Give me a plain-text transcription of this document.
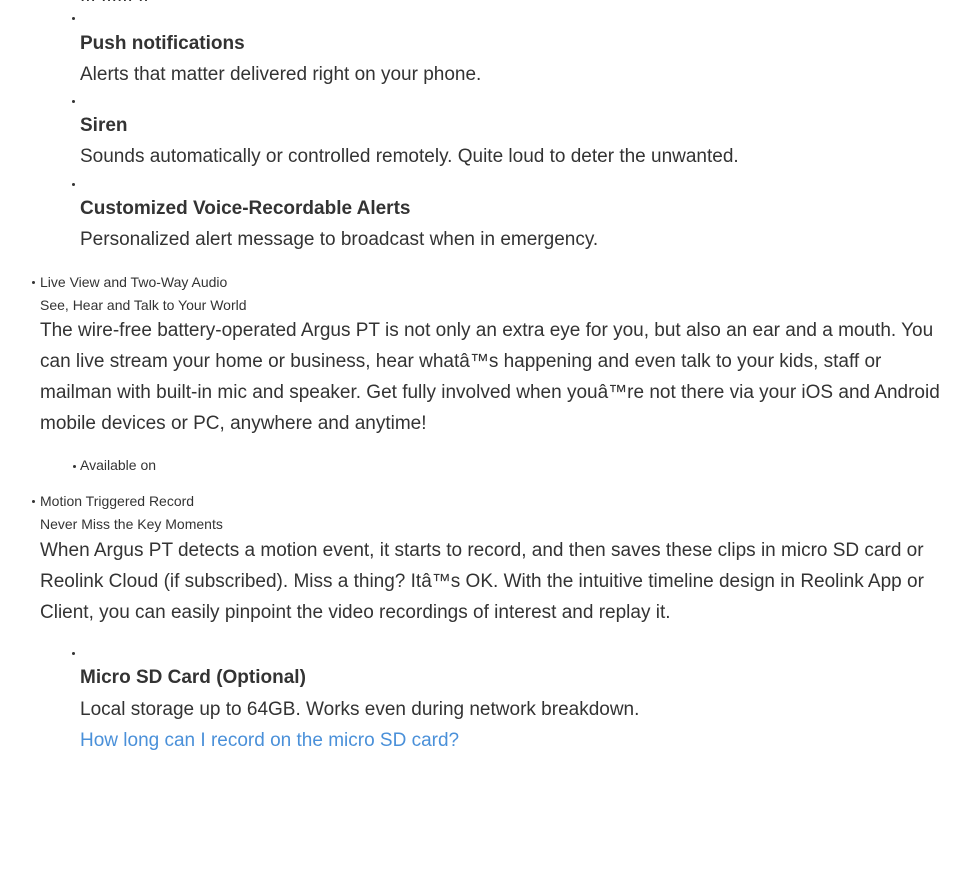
Push notifications
Alerts that matter delivered right on your phone.
Siren
Sounds automatically or controlled remotely. Quite loud to deter the unwanted.
Customized Voice-Recordable Alerts
Personalized alert message to broadcast when in emergency.
Live View and Two-Way Audio
See, Hear and Talk to Your World
The wire-free battery-operated Argus PT is not only an extra eye for you, but also an ear and a mouth. You can live stream your home or business, hear whatâ™s happening and even talk to your kids, staff or mailman with built-in mic and speaker. Get fully involved when youâ™re not there via your iOS and Android mobile devices or PC, anywhere and anytime!
Available on
Motion Triggered Record
Never Miss the Key Moments
When Argus PT detects a motion event, it starts to record, and then saves these clips in micro SD card or Reolink Cloud (if subscribed). Miss a thing? Itâ™s OK. With the intuitive timeline design in Reolink App or Client, you can easily pinpoint the video recordings of interest and replay it.
Micro SD Card (Optional)
Local storage up to 64GB. Works even during network breakdown.
How long can I record on the micro SD card?
